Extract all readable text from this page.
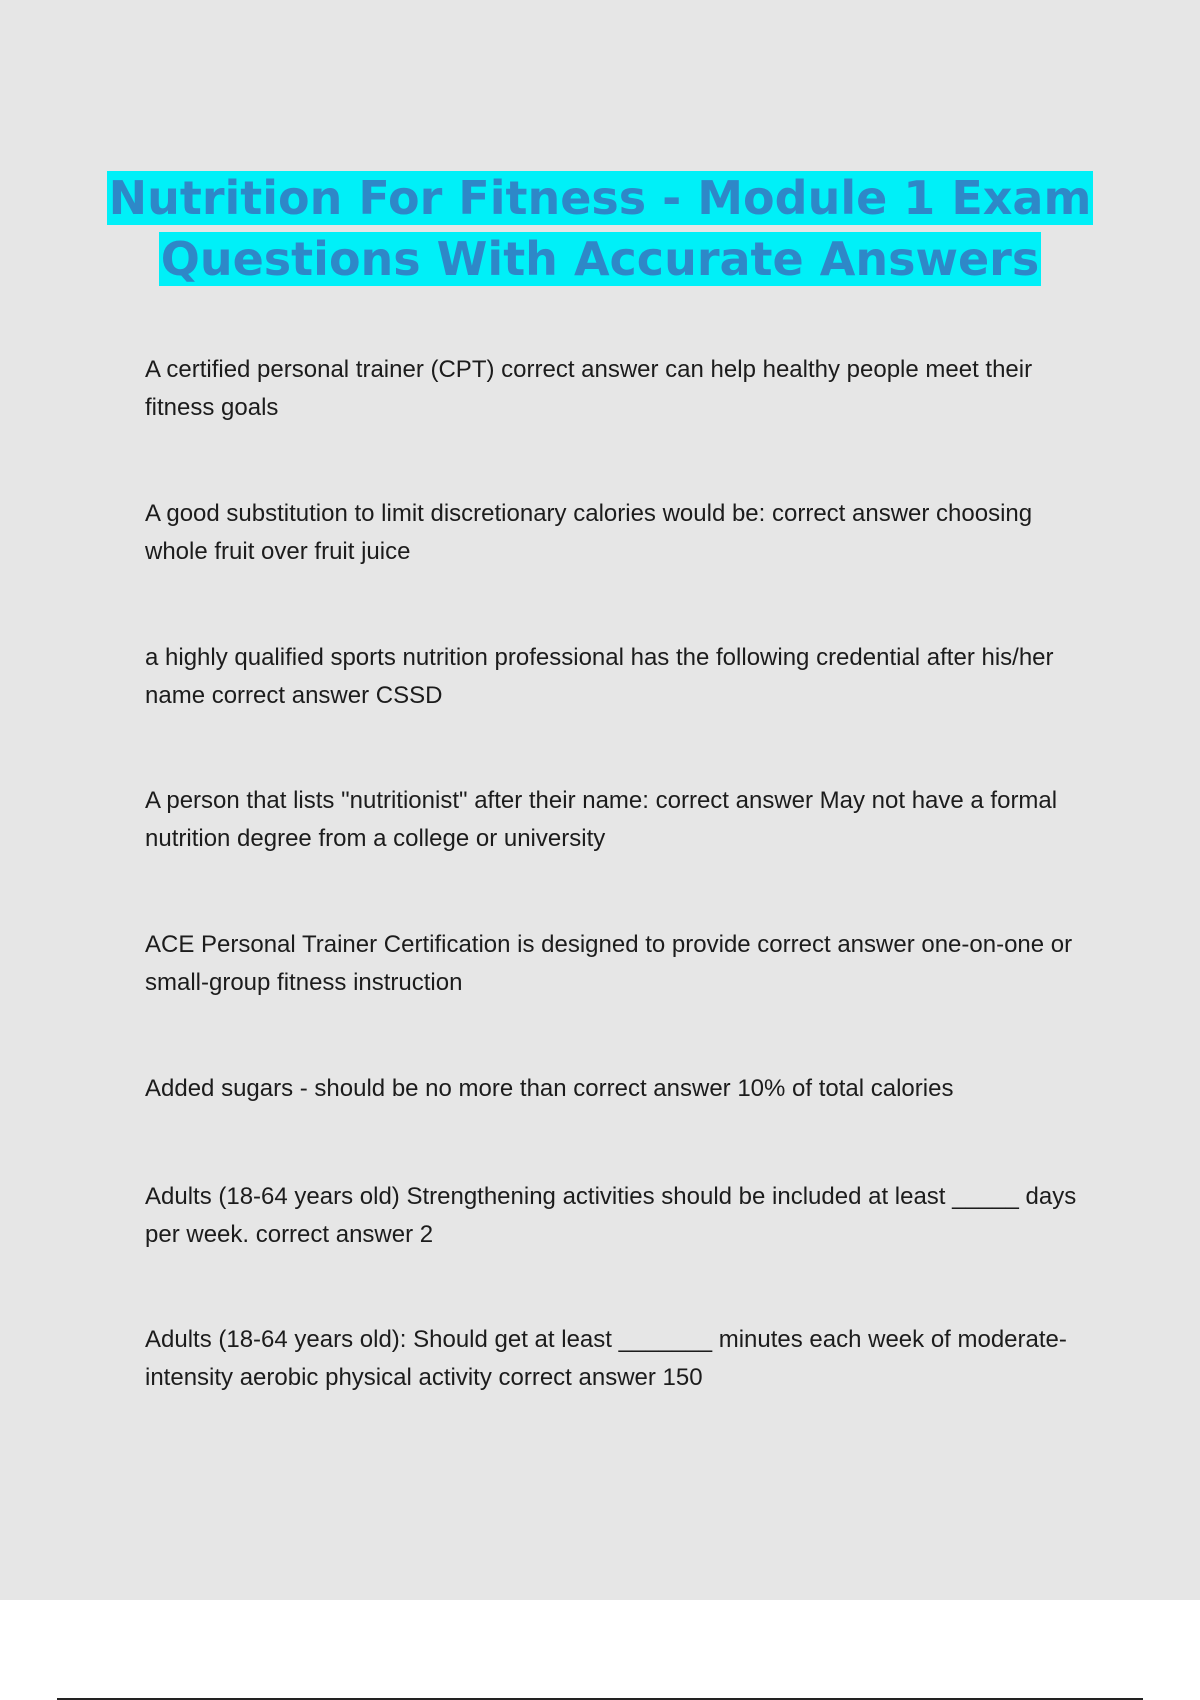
Nutrition For Fitness - Module 1 Exam Questions With Accurate Answers

A certified personal trainer (CPT) correct answer can help healthy people meet their fitness goals

A good substitution to limit discretionary calories would be: correct answer choosing whole fruit over fruit juice

a highly qualified sports nutrition professional has the following credential after his/her name correct answer CSSD

A person that lists "nutritionist" after their name: correct answer May not have a formal nutrition degree from a college or university

ACE Personal Trainer Certification is designed to provide correct answer one-on-one or small-group fitness instruction

Added sugars - should be no more than correct answer 10% of total calories

Adults (18-64 years old) Strengthening activities should be included at least _____ days per week. correct answer 2

Adults (18-64 years old): Should get at least _______ minutes each week of moderate-intensity aerobic physical activity correct answer 150
